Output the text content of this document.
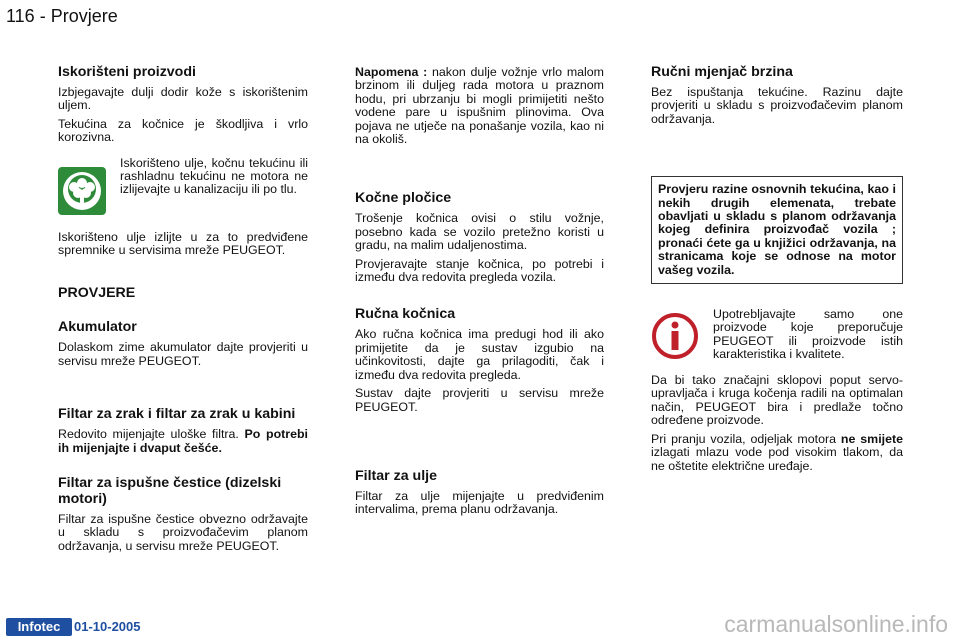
116 - Provjere
Iskorišteni proizvodi

Izbjegavajte dulji dodir kože s iskorištenim uljem.

Tekućina za kočnice je škodljiva i vrlo korozivna.

Iskorišteno ulje, kočnu tekućinu ili rashladnu tekućinu ne motora ne izlijevajte u kanalizaciju ili po tlu.

Iskorišteno ulje izlijte u za to predviđene spremnike u servisima mreže PEUGEOT.

PROVJERE
Akumulator

Dolaskom zime akumulator dajte provjeriti u servisu mreže PEUGEOT.

Filtar za zrak i filtar za zrak u kabini

Redovito mijenjajte uloške filtra. Po potrebi ih mijenjajte i dvaput češće.

Filtar za ispušne čestice (dizelski motori)

Filtar za ispušne čestice obvezno održavajte u skladu s proizvođačevim planom održavanja, u servisu mreže PEUGEOT.

Napomena : nakon dulje vožnje vrlo malom brzinom ili duljeg rada motora u praznom hodu, pri ubrzanju bi mogli primijetiti nešto vodene pare u ispušnim plinovima. Ova pojava ne utječe na ponašanje vozila, kao ni na okoliš.

Kočne pločice

Trošenje kočnica ovisi o stilu vožnje, posebno kada se vozilo pretežno koristi u gradu, na malim udaljenostima.

Provjeravajte stanje kočnica, po potrebi i između dva redovita pregleda vozila.

Ručna kočnica

Ako ručna kočnica ima predugi hod ili ako primijetite da je sustav izgubio na učinkovitosti, dajte ga prilagoditi, čak i između dva redovita pregleda.

Sustav dajte provjeriti u servisu mreže PEUGEOT.

Filtar za ulje

Filtar za ulje mijenjajte u predviđenim intervalima, prema planu održavanja.

Ručni mjenjač brzina

Bez ispuštanja tekućine. Razinu dajte provjeriti u skladu s proizvođačevim planom održavanja.

Provjeru razine osnovnih tekućina, kao i nekih drugih elemenata, trebate obavljati u skladu s planom održavanja kojeg definira proizvođač vozila ; pronaći ćete ga u knjižici održavanja, na stranicama koje se odnose na motor vašeg vozila.
Upotrebljavajte samo one proizvode koje preporučuje PEUGEOT ili proizvode istih karakteristika i kvalitete.

Da bi tako značajni sklopovi poput servo-upravljača i kruga kočenja radili na optimalan način, PEUGEOT bira i predlaže točno određene proizvode.

Pri pranju vozila, odjeljak motora ne smijete izlagati mlazu vode pod visokim tlakom, da ne oštetite električne uređaje.

Infotec	01-10-2005	carmanualsonline.info
